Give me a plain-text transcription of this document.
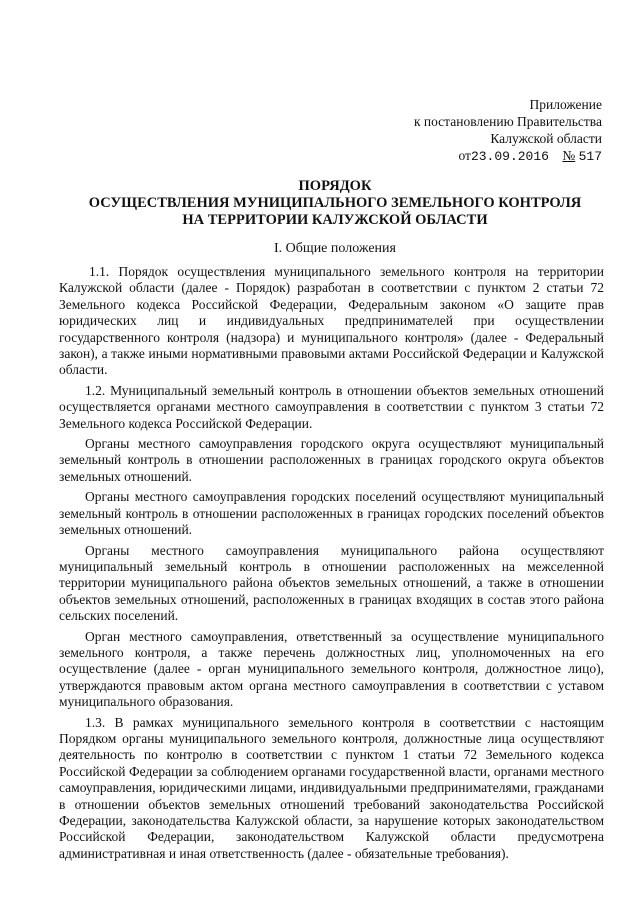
Приложение
к постановлению Правительства
Калужской области
от23.09.2016 № 517
ПОРЯДОК
ОСУЩЕСТВЛЕНИЯ МУНИЦИПАЛЬНОГО ЗЕМЕЛЬНОГО КОНТРОЛЯ
НА ТЕРРИТОРИИ КАЛУЖСКОЙ ОБЛАСТИ
I. Общие положения

1.1. Порядок осуществления муниципального земельного контроля на территории Калужской области (далее - Порядок) разработан в соответствии с пунктом 2 статьи 72 Земельного кодекса Российской Федерации, Федеральным законом «О защите прав юридических лиц и индивидуальных предпринимателей при осуществлении государственного контроля (надзора) и муниципального контроля» (далее - Федеральный закон), а также иными нормативными правовыми актами Российской Федерации и Калужской области.

1.2. Муниципальный земельный контроль в отношении объектов земельных отношений осуществляется органами местного самоуправления в соответствии с пунктом 3 статьи 72 Земельного кодекса Российской Федерации.

Органы местного самоуправления городского округа осуществляют муниципальный земельный контроль в отношении расположенных в границах городского округа объектов земельных отношений.

Органы местного самоуправления городских поселений осуществляют муниципальный земельный контроль в отношении расположенных в границах городских поселений объектов земельных отношений.

Органы местного самоуправления муниципального района осуществляют муниципальный земельный контроль в отношении расположенных на межселенной территории муниципального района объектов земельных отношений, а также в отношении объектов земельных отношений, расположенных в границах входящих в состав этого района сельских поселений.

Орган местного самоуправления, ответственный за осуществление муниципального земельного контроля, а также перечень должностных лиц, уполномоченных на его осуществление (далее - орган муниципального земельного контроля, должностное лицо), утверждаются правовым актом органа местного самоуправления в соответствии с уставом муниципального образования.

1.3. В рамках муниципального земельного контроля в соответствии с настоящим Порядком органы муниципального земельного контроля, должностные лица осуществляют деятельность по контролю в соответствии с пунктом 1 статьи 72 Земельного кодекса Российской Федерации за соблюдением органами государственной власти, органами местного самоуправления, юридическими лицами, индивидуальными предпринимателями, гражданами в отношении объектов земельных отношений требований законодательства Российской Федерации, законодательства Калужской области, за нарушение которых законодательством Российской Федерации, законодательством Калужской области предусмотрена административная и иная ответственность (далее - обязательные требования).
